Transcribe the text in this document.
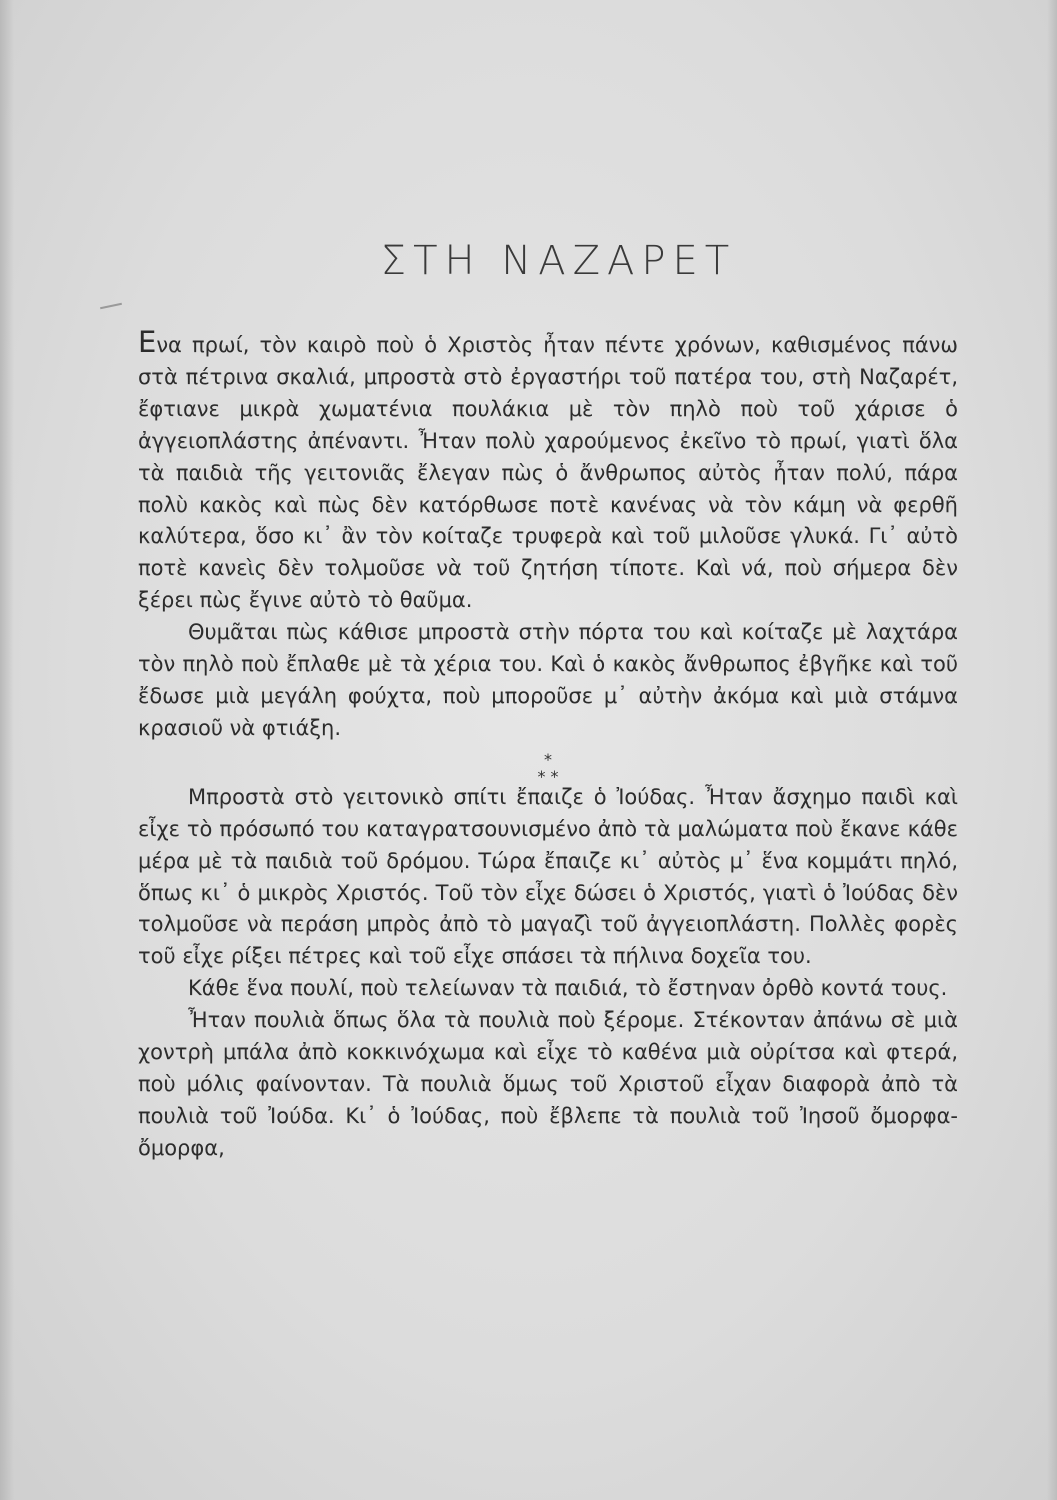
ΣΤΗ ΝΑΖΑΡΕΤ

Ενα πρωί, τὸν καιρὸ ποὺ ὁ Χριστὸς ἦταν πέντε χρόνων, καθισμένος πάνω στὰ πέτρινα σκαλιά, μπροστὰ στὸ ἐργαστήρι τοῦ πατέρα του, στὴ Ναζαρέτ, ἔφτιανε μικρὰ χωματένια πουλάκια μὲ τὸν πηλὸ ποὺ τοῦ χάρισε ὁ ἀγγειοπλάστης ἀπέναντι. Ἦταν πολὺ χαρούμενος ἐκεῖνο τὸ πρωί, γιατὶ ὅλα τὰ παιδιὰ τῆς γειτονιᾶς ἔλεγαν πὼς ὁ ἄνθρωπος αὐτὸς ἦταν πολύ, πάρα πολὺ κακὸς καὶ πὼς δὲν κατόρθωσε ποτὲ κανένας νὰ τὸν κάμη νὰ φερθῆ καλύτερα, ὅσο κι᾿ ἂν τὸν κοίταζε τρυφερὰ καὶ τοῦ μιλοῦσε γλυκά. Γι᾿ αὐτὸ ποτὲ κανεὶς δὲν τολμοῦσε νὰ τοῦ ζητήση τίποτε. Καὶ νά, ποὺ σήμερα δὲν ξέρει πὼς ἔγινε αὐτὸ τὸ θαῦμα.

Θυμᾶται πὼς κάθισε μπροστὰ στὴν πόρτα του καὶ κοίταζε μὲ λαχτάρα τὸν πηλὸ ποὺ ἔπλαθε μὲ τὰ χέρια του. Καὶ ὁ κακὸς ἄνθρωπος ἐβγῆκε καὶ τοῦ ἔδωσε μιὰ μεγάλη φούχτα, ποὺ μποροῦσε μ᾿ αὐτὴν ἀκόμα καὶ μιὰ στάμνα κρασιοῦ νὰ φτιάξη.

*
* *

Μπροστὰ στὸ γειτονικὸ σπίτι ἔπαιζε ὁ Ἰούδας. Ἦταν ἄσχημο παιδὶ καὶ εἶχε τὸ πρόσωπό του καταγρατσουνισμένο ἀπὸ τὰ μαλώματα ποὺ ἔκανε κάθε μέρα μὲ τὰ παιδιὰ τοῦ δρόμου. Τώρα ἔπαιζε κι᾿ αὐτὸς μ᾿ ἕνα κομμάτι πηλό, ὅπως κι᾿ ὁ μικρὸς Χριστός. Τοῦ τὸν εἶχε δώσει ὁ Χριστός, γιατὶ ὁ Ἰούδας δὲν τολμοῦσε νὰ περάση μπρὸς ἀπὸ τὸ μαγαζὶ τοῦ ἀγγειοπλάστη. Πολλὲς φορὲς τοῦ εἶχε ρίξει πέτρες καὶ τοῦ εἶχε σπάσει τὰ πήλινα δοχεῖα του.

Κάθε ἕνα πουλί, ποὺ τελείωναν τὰ παιδιά, τὸ ἔστηναν ὀρθὸ κοντά τους.

Ἦταν πουλιὰ ὅπως ὅλα τὰ πουλιὰ ποὺ ξέρομε. Στέκονταν ἀπάνω σὲ μιὰ χοντρὴ μπάλα ἀπὸ κοκκινόχωμα καὶ εἶχε τὸ καθένα μιὰ οὐρίτσα καὶ φτερά, ποὺ μόλις φαίνονταν. Τὰ πουλιὰ ὅμως τοῦ Χριστοῦ εἶχαν διαφορὰ ἀπὸ τὰ πουλιὰ τοῦ Ἰούδα. Κι᾿ ὁ Ἰούδας, ποὺ ἔβλεπε τὰ πουλιὰ τοῦ Ἰησοῦ ὄμορφα-ὄμορφα,
